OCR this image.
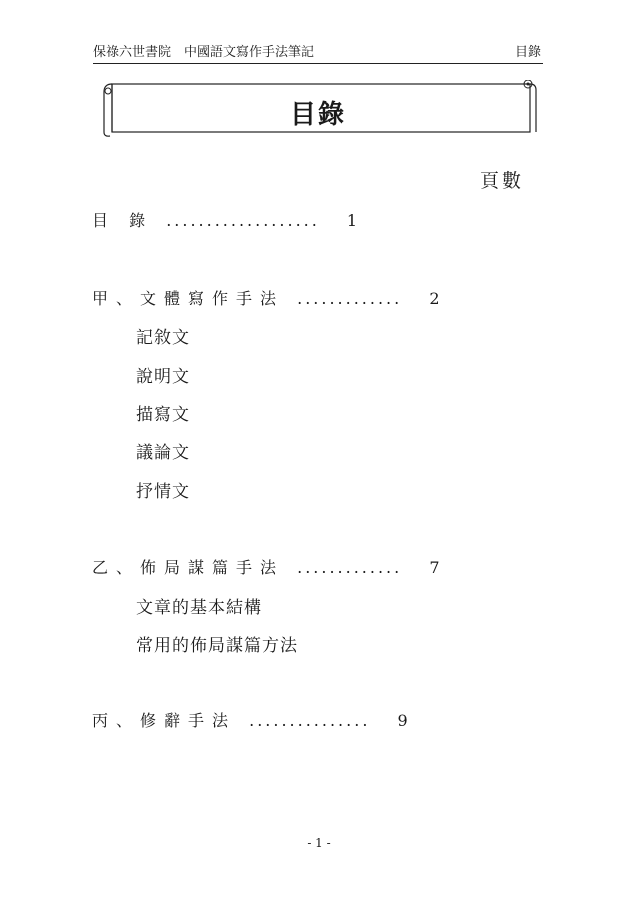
保祿六世書院　中國語文寫作手法筆記	目錄
目錄
頁數
目 錄 ................... 1
甲、文體寫作手法 ............. 2
記敘文
說明文
描寫文
議論文
抒情文
乙、佈局謀篇手法 ............. 7
文章的基本結構
常用的佈局謀篇方法
丙、修辭手法 ............... 9
- 1 -
